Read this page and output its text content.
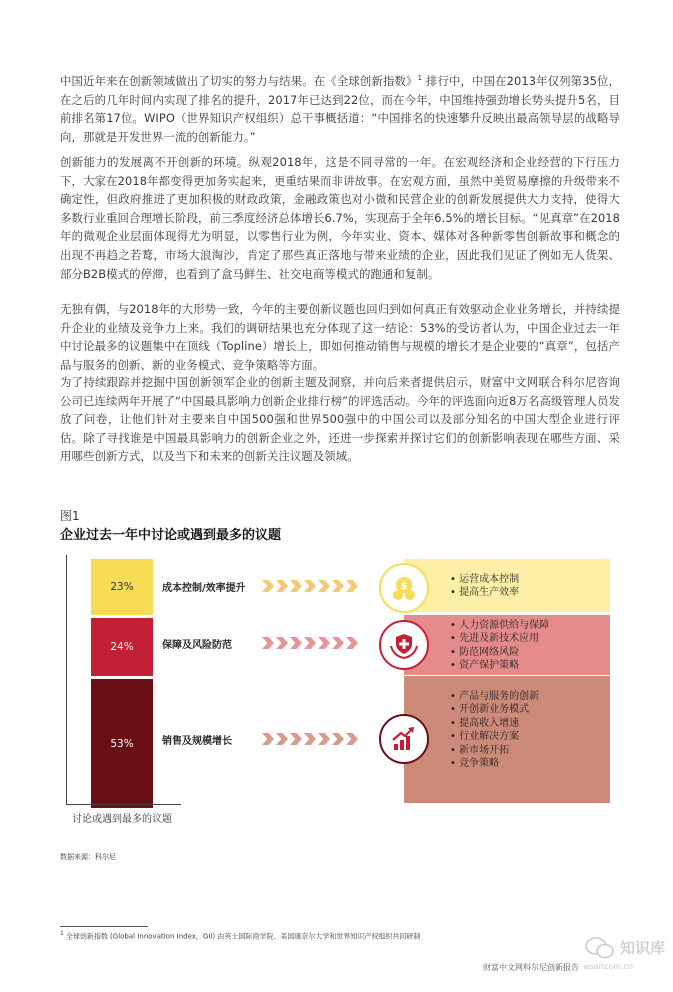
中国近年来在创新领域做出了切实的努力与结果。在《全球创新指数》$^1$ 排行中，中国在2013年仅列第35位，在之后的几年时间内实现了排名的提升，2017年已达到22位，而在今年，中国维持强劲增长势头提升5名，目前排名第17位。WIPO（世界知识产权组织）总干事概括道：“中国排名的快速攀升反映出最高领导层的战略导向，那就是开发世界一流的创新能力。”

创新能力的发展离不开创新的环境。纵观2018年，这是不同寻常的一年。在宏观经济和企业经营的下行压力下，大家在2018年都变得更加务实起来，更重结果而非讲故事。在宏观方面，虽然中美贸易摩擦的升级带来不确定性，但政府推进了更加积极的财政政策，金融政策也对小微和民营企业的创新发展提供大力支持，使得大多数行业重回合理增长阶段，前三季度经济总体增长6.7%，实现高于全年6.5%的增长目标。“见真章”在2018年的微观企业层面体现得尤为明显，以零售行业为例，今年实业、资本、媒体对各种新零售创新故事和概念的出现不再趋之若鹜，市场大浪淘沙，肯定了那些真正落地与带来业绩的企业，因此我们见证了例如无人货架、部分B2B模式的停滞，也看到了盒马鲜生、社交电商等模式的跑通和复制。

无独有偶，与2018年的大形势一致，今年的主要创新议题也回归到如何真正有效驱动企业业务增长，并持续提升企业的业绩及竞争力上来。我们的调研结果也充分体现了这一结论：53%的受访者认为，中国企业过去一年中讨论最多的议题集中在顶线（Topline）增长上，即如何推动销售与规模的增长才是企业要的“真章”，包括产品与服务的创新、新的业务模式、竞争策略等方面。

为了持续跟踪并挖掘中国创新领军企业的创新主题及洞察，并向后来者提供启示，财富中文网联合科尔尼咨询公司已连续两年开展了“中国最具影响力创新企业排行榜”的评选活动。今年的评选面向近8万名高级管理人员发放了问卷，让他们针对主要来自中国500强和世界500强中的中国公司以及部分知名的中国大型企业进行评估。除了寻找谁是中国最具影响力的创新企业之外，还进一步探索并探讨它们的创新影响表现在哪些方面、采用哪些创新方式，以及当下和未来的创新关注议题及领域。

图1
企业过去一年中讨论或遇到最多的议题
23%	成本控制/效率提升
• 运营成本控制
• 提高生产效率
$
24%	保障及风险防范
• 人力资源供给与保障
• 先进及新技术应用
• 防范网络风险
• 资产保护策略
53%	销售及规模增长
• 产品与服务的创新
• 开创新业务模式
• 提高收入增速
• 行业解决方案
• 新市场开拓
• 竞争策略
讨论或遇到最多的议题
数据来源：科尔尼
1 全球创新指数 (Global Innovation Index，GII) 由英士国际商学院、美国康奈尔大学和世界知识产权组织共同研制
知识库
财富中文网科尔尼创新报告 wsaitcom.cn
